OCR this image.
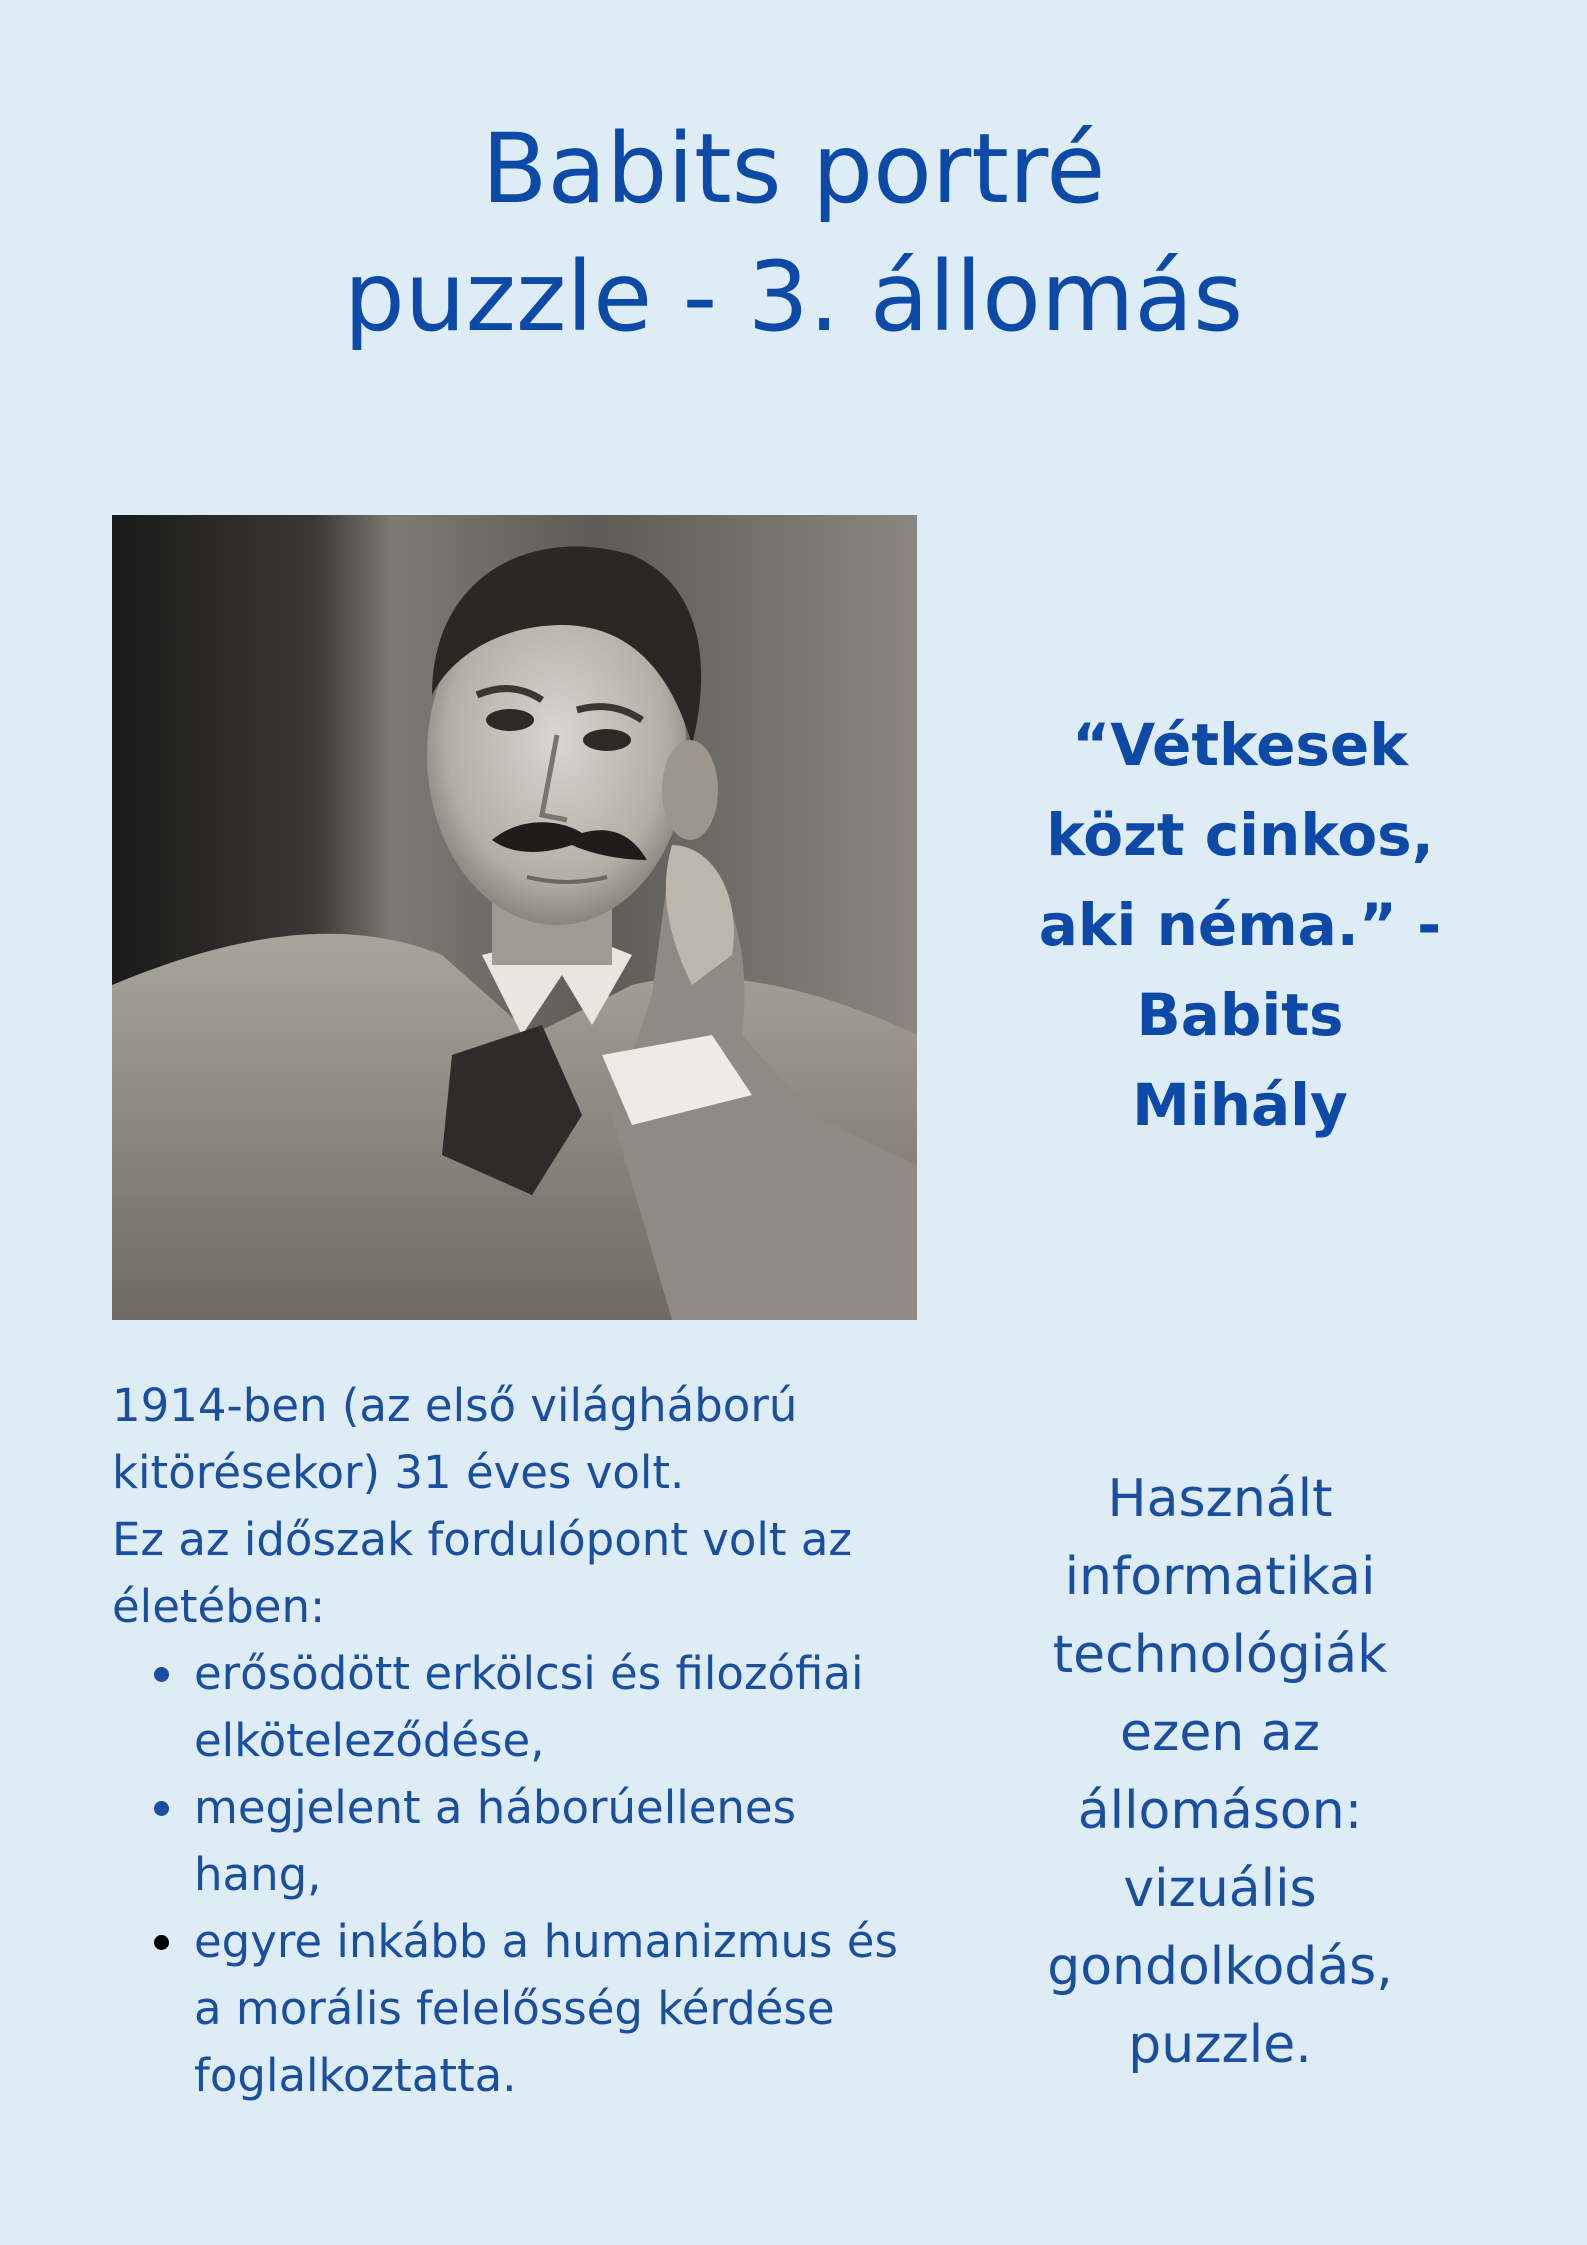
Babits portré
puzzle - 3. állomás
“Vétkesek
közt cinkos,
aki néma.” -
Babits
Mihály

1914-ben (az első világháború
kitörésekor) 31 éves volt.

Ez az időszak fordulópont volt az
életében:

erősödött erkölcsi és filozófiai
elköteleződése,
megjelent a háborúellenes
hang,
egyre inkább a humanizmus és
a morális felelősség kérdése
foglalkoztatta.
Használt
informatikai
technológiák
ezen az
állomáson:
vizuális
gondolkodás,
puzzle.
